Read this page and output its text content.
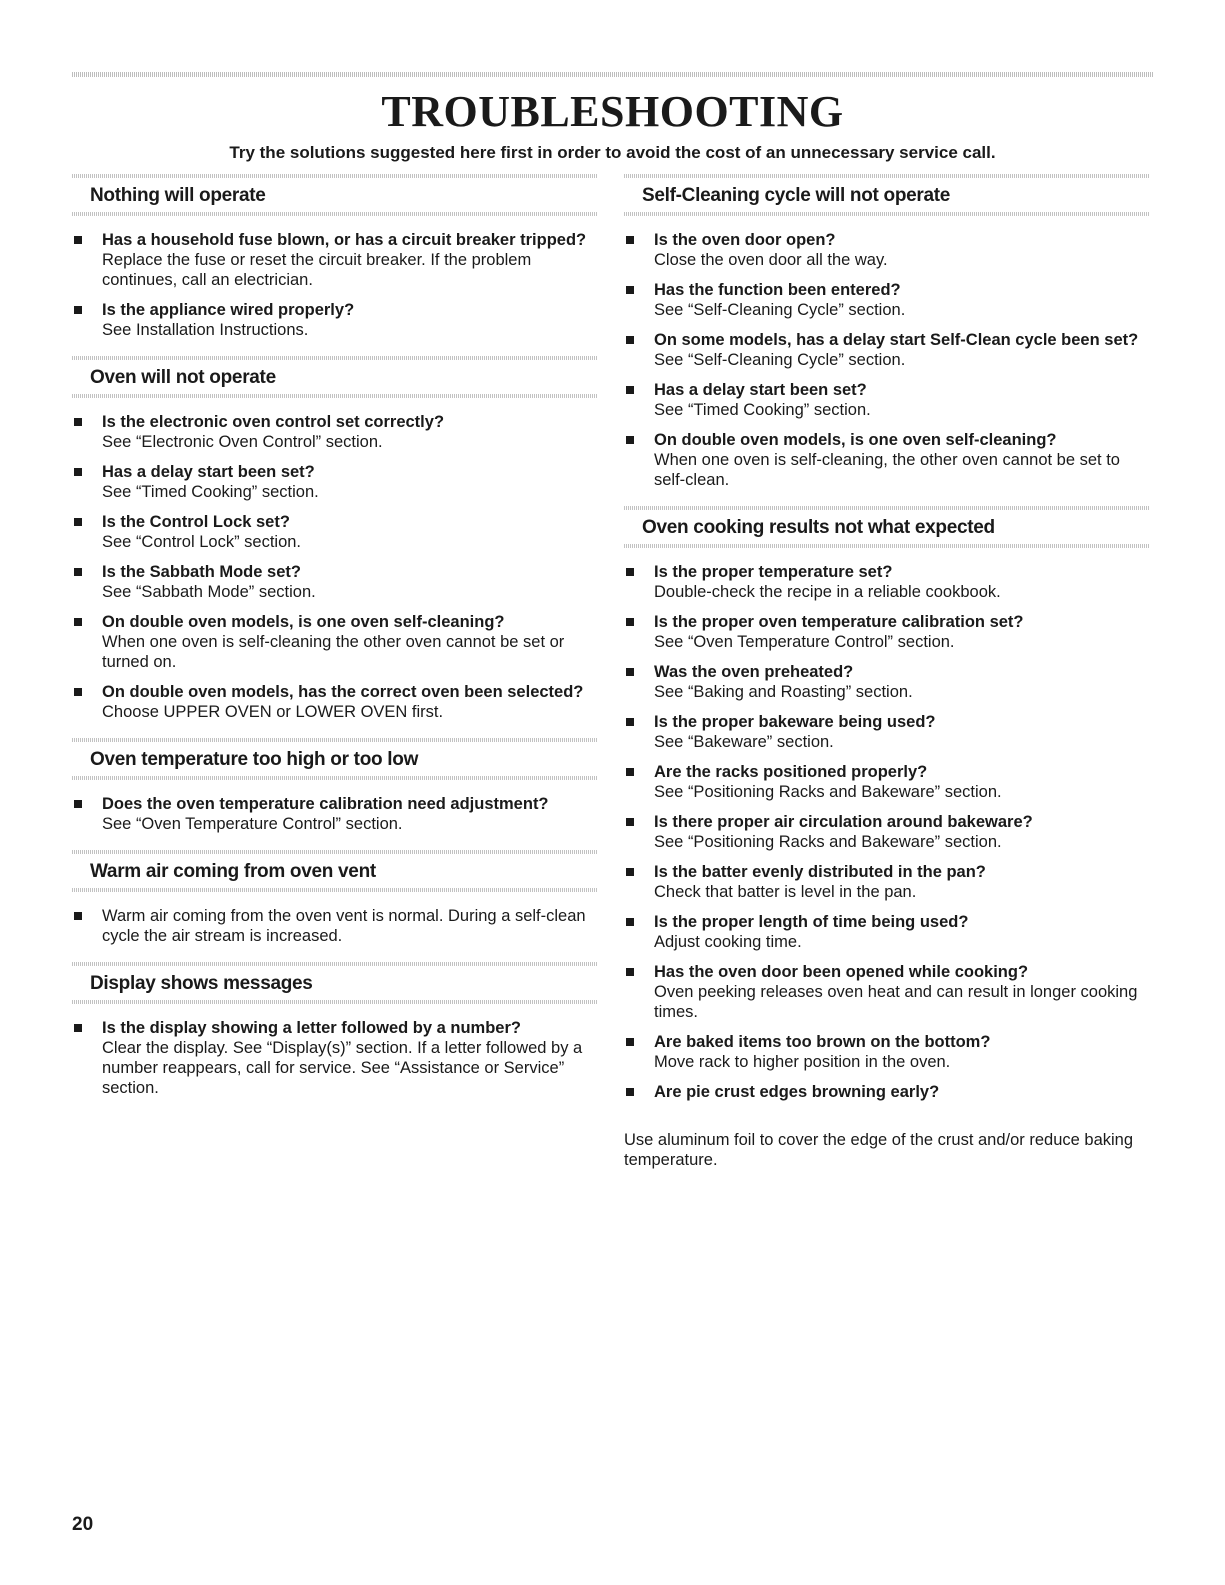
TROUBLESHOOTING

Try the solutions suggested here first in order to avoid the cost of an unnecessary service call.

Nothing will operate
Has a household fuse blown, or has a circuit breaker tripped?
Replace the fuse or reset the circuit breaker. If the problem continues, call an electrician.
Is the appliance wired properly?
See Installation Instructions.
Oven will not operate
Is the electronic oven control set correctly?
See “Electronic Oven Control” section.
Has a delay start been set?
See “Timed Cooking” section.
Is the Control Lock set?
See “Control Lock” section.
Is the Sabbath Mode set?
See “Sabbath Mode” section.
On double oven models, is one oven self-cleaning?
When one oven is self-cleaning the other oven cannot be set or turned on.
On double oven models, has the correct oven been selected?
Choose UPPER OVEN or LOWER OVEN first.
Oven temperature too high or too low
Does the oven temperature calibration need adjustment?
See “Oven Temperature Control” section.
Warm air coming from oven vent
Warm air coming from the oven vent is normal. During a self-clean cycle the air stream is increased.
Display shows messages
Is the display showing a letter followed by a number?
Clear the display. See “Display(s)” section. If a letter followed by a number reappears, call for service. See “Assistance or Service” section.
Self-Cleaning cycle will not operate
Is the oven door open?
Close the oven door all the way.
Has the function been entered?
See “Self-Cleaning Cycle” section.
On some models, has a delay start Self-Clean cycle been set?
See “Self-Cleaning Cycle” section.
Has a delay start been set?
See “Timed Cooking” section.
On double oven models, is one oven self-cleaning?
When one oven is self-cleaning, the other oven cannot be set to self-clean.
Oven cooking results not what expected
Is the proper temperature set?
Double-check the recipe in a reliable cookbook.
Is the proper oven temperature calibration set?
See “Oven Temperature Control” section.
Was the oven preheated?
See “Baking and Roasting” section.
Is the proper bakeware being used?
See “Bakeware” section.
Are the racks positioned properly?
See “Positioning Racks and Bakeware” section.
Is there proper air circulation around bakeware?
See “Positioning Racks and Bakeware” section.
Is the batter evenly distributed in the pan?
Check that batter is level in the pan.
Is the proper length of time being used?
Adjust cooking time.
Has the oven door been opened while cooking?
Oven peeking releases oven heat and can result in longer cooking times.
Are baked items too brown on the bottom?
Move rack to higher position in the oven.
Are pie crust edges browning early?

Use aluminum foil to cover the edge of the crust and/or reduce baking temperature.

20
